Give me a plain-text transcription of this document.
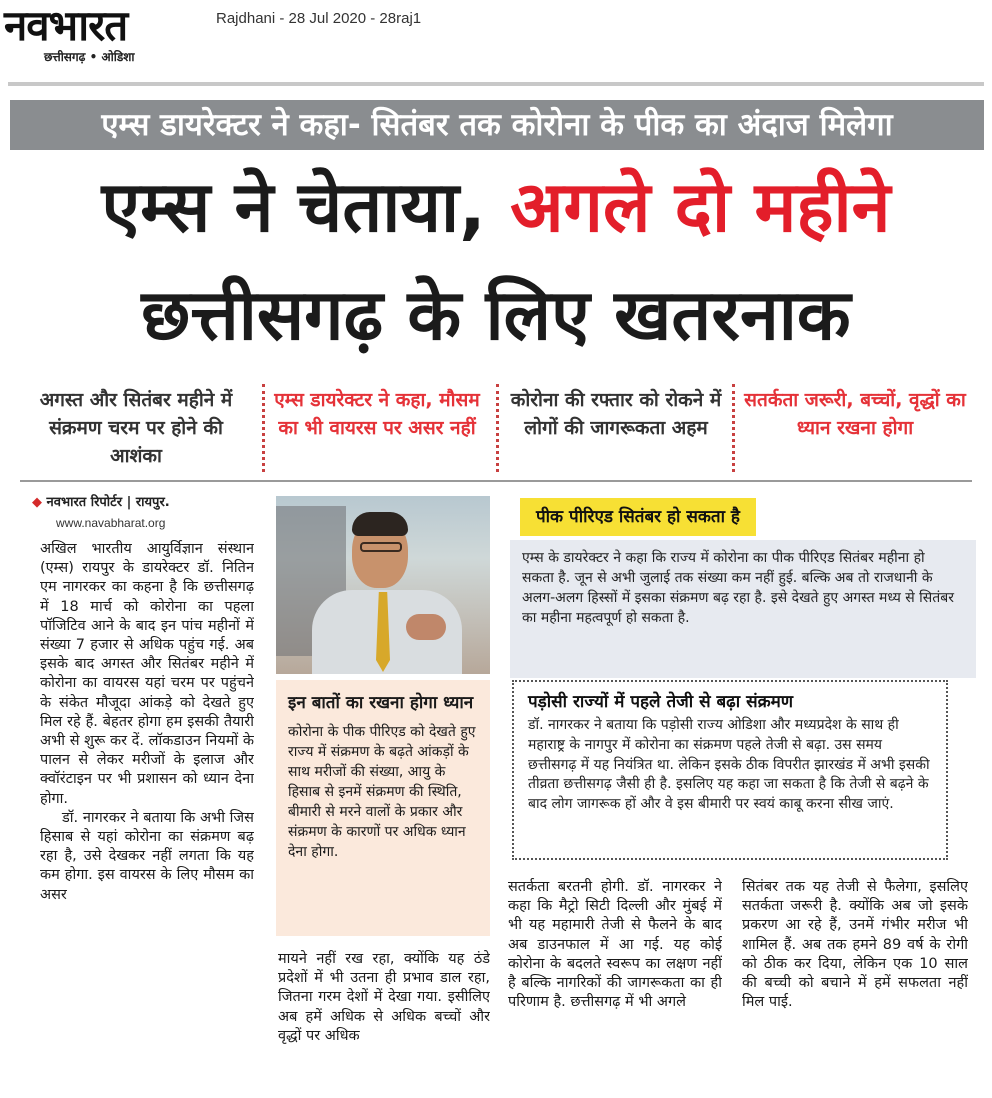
नवभारत
छत्तीसगढ़ • ओडिशा
Rajdhani - 28 Jul 2020 - 28raj1
एम्स डायरेक्टर ने कहा- सितंबर तक कोरोना के पीक का अंदाज मिलेगा
एम्स ने चेताया, अगले दो महीने
छत्तीसगढ़ के लिए खतरनाक
अगस्त और सितंबर महीने में संक्रमण चरम पर होने की आशंका
एम्स डायरेक्टर ने कहा, मौसम का भी वायरस पर असर नहीं
कोरोना की रफ्तार को रोकने में लोगों की जागरूकता अहम
सतर्कता जरूरी, बच्चों, वृद्धों का ध्यान रखना होगा
◆ नवभारत रिपोर्टर | रायपुर.
www.navabharat.org

अखिल भारतीय आयुर्विज्ञान संस्थान (एम्स) रायपुर के डायरेक्टर डॉ. नितिन एम नागरकर का कहना है कि छत्तीसगढ़ में 18 मार्च को कोरोना का पहला पॉजिटिव आने के बाद इन पांच महीनों में संख्या 7 हजार से अधिक पहुंच गई. अब इसके बाद अगस्त और सितंबर महीने में कोरोना का वायरस यहां चरम पर पहुंचने के संकेत मौजूदा आंकड़े को देखते हुए मिल रहे हैं. बेहतर होगा हम इसकी तैयारी अभी से शुरू कर दें. लॉकडाउन नियमों के पालन से लेकर मरीजों के इलाज और क्वॉरंटाइन पर भी प्रशासन को ध्यान देना होगा.

डॉ. नागरकर ने बताया कि अभी जिस हिसाब से यहां कोरोना का संक्रमण बढ़ रहा है, उसे देखकर नहीं लगता कि यह कम होगा. इस वायरस के लिए मौसम का असर

इन बातों का रखना होगा ध्यान
कोरोना के पीक पीरिएड को देखते हुए राज्य में संक्रमण के बढ़ते आंकड़ों के साथ मरीजों की संख्या, आयु के हिसाब से इनमें संक्रमण की स्थिति, बीमारी से मरने वालों के प्रकार और संक्रमण के कारणों पर अधिक ध्यान देना होगा.
मायने नहीं रख रहा, क्योंकि यह ठंडे प्रदेशों में भी उतना ही प्रभाव डाल रहा, जितना गरम देशों में देखा गया. इसीलिए अब हमें अधिक से अधिक बच्चों और वृद्धों पर अधिक
एम्स के डायरेक्टर ने कहा कि राज्य में कोरोना का पीक पीरिएड सितंबर महीना हो सकता है. जून से अभी जुलाई तक संख्या कम नहीं हुई. बल्कि अब तो राजधानी के अलग-अलग हिस्सों में इसका संक्रमण बढ़ रहा है. इसे देखते हुए अगस्त मध्य से सितंबर का महीना महत्वपूर्ण हो सकता है.
पीक पीरिएड सितंबर हो सकता है
पड़ोसी राज्यों में पहले तेजी से बढ़ा संक्रमण
डॉ. नागरकर ने बताया कि पड़ोसी राज्य ओडिशा और मध्यप्रदेश के साथ ही महाराष्ट्र के नागपुर में कोरोना का संक्रमण पहले तेजी से बढ़ा. उस समय छत्तीसगढ़ में यह नियंत्रित था. लेकिन इसके ठीक विपरीत झारखंड में अभी इसकी तीव्रता छत्तीसगढ़ जैसी ही है. इसलिए यह कहा जा सकता है कि तेजी से बढ़ने के बाद लोग जागरूक हों और वे इस बीमारी पर स्वयं काबू करना सीख जाएं.
सतर्कता बरतनी होगी. डॉ. नागरकर ने कहा कि मैट्रो सिटी दिल्ली और मुंबई में भी यह महामारी तेजी से फैलने के बाद अब डाउनफाल में आ गई. यह कोई कोरोना के बदलते स्वरूप का लक्षण नहीं है बल्कि नागरिकों की जागरूकता का ही परिणाम है. छत्तीसगढ़ में भी अगले
सितंबर तक यह तेजी से फैलेगा, इसलिए सतर्कता जरूरी है. क्योंकि अब जो इसके प्रकरण आ रहे हैं, उनमें गंभीर मरीज भी शामिल हैं. अब तक हमने 89 वर्ष के रोगी को ठीक कर दिया, लेकिन एक 10 साल की बच्ची को बचाने में हमें सफलता नहीं मिल पाई.
